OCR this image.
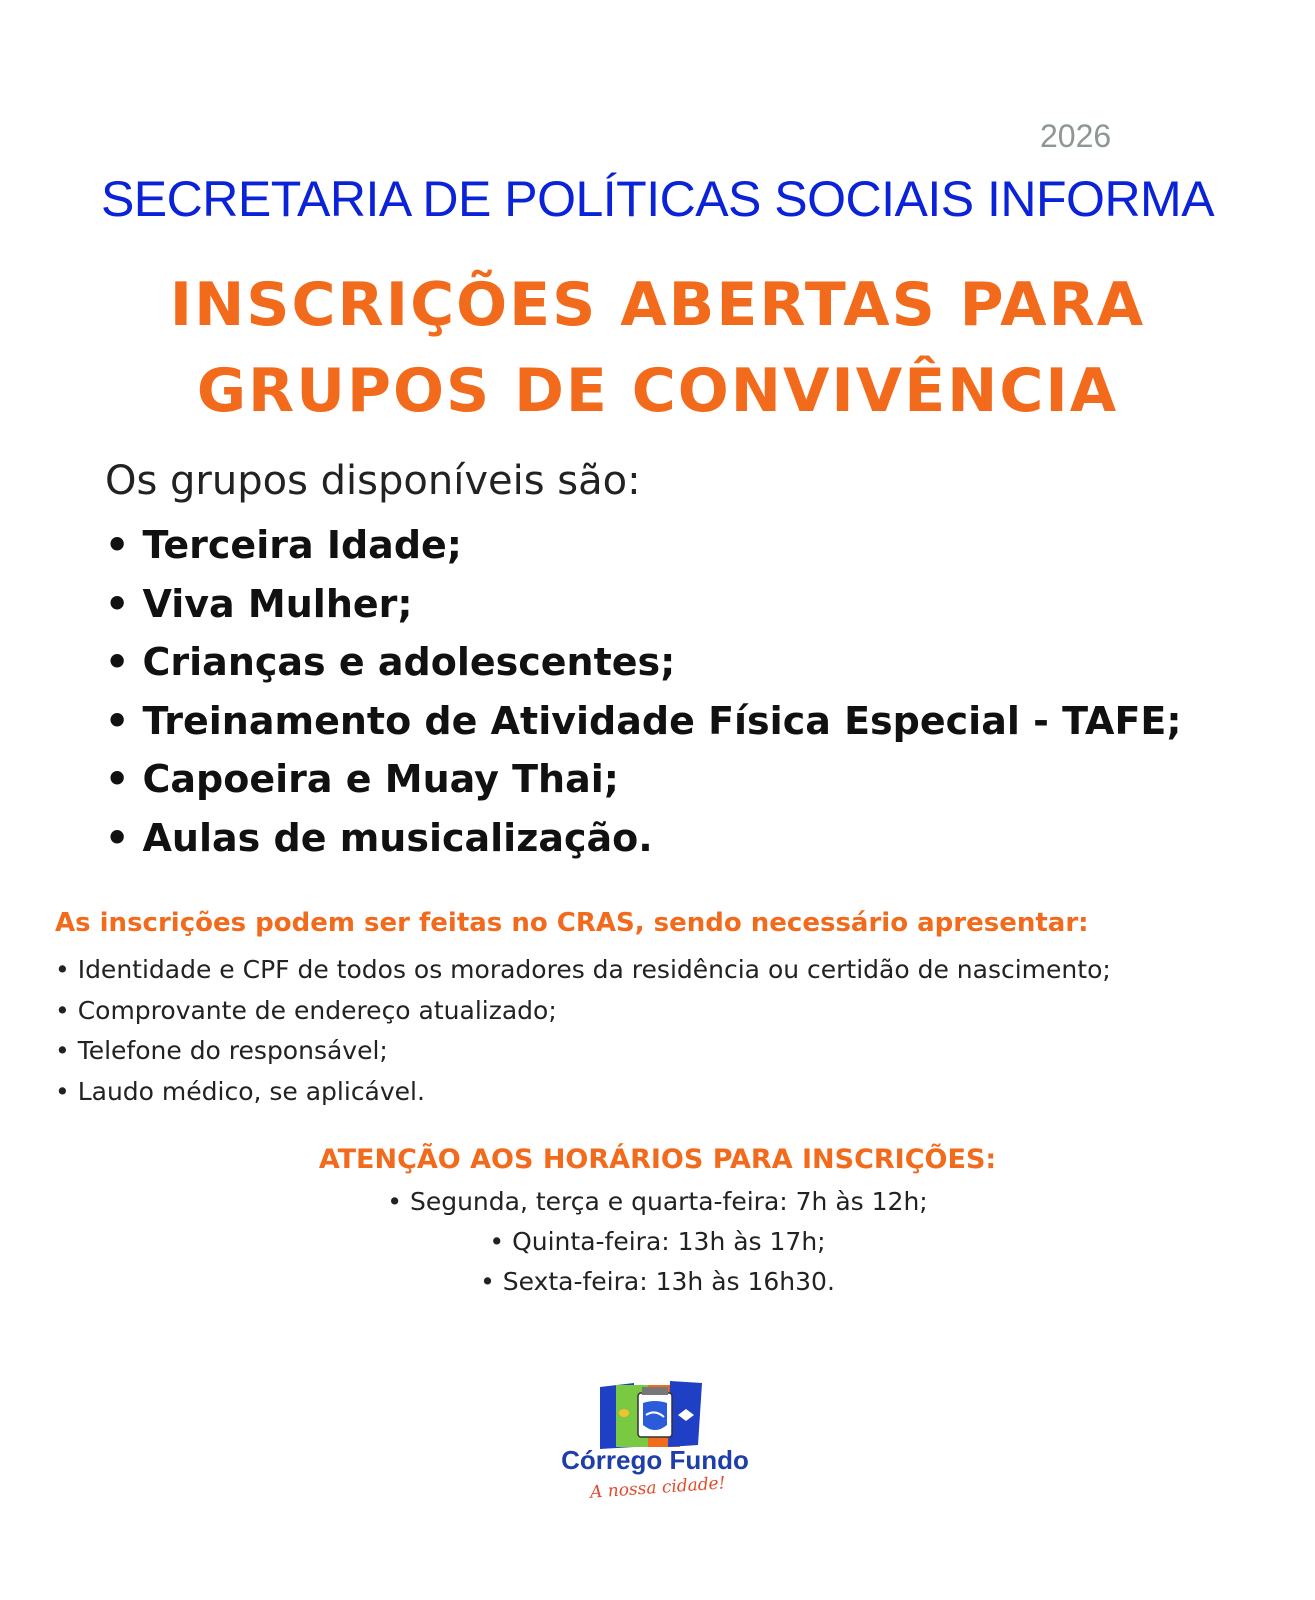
2026
SECRETARIA DE POLÍTICAS SOCIAIS INFORMA
INSCRIÇÕES ABERTAS PARA
GRUPOS DE CONVIVÊNCIA
Os grupos disponíveis são:
• Terceira Idade;
• Viva Mulher;
• Crianças e adolescentes;
• Treinamento de Atividade Física Especial - TAFE;
• Capoeira e Muay Thai;
• Aulas de musicalização.
As inscrições podem ser feitas no CRAS, sendo necessário apresentar:
• Identidade e CPF de todos os moradores da residência ou certidão de nascimento;
• Comprovante de endereço atualizado;
• Telefone do responsável;
• Laudo médico, se aplicável.
ATENÇÃO AOS HORÁRIOS PARA INSCRIÇÕES:
• Segunda, terça e quarta-feira: 7h às 12h;
• Quinta-feira: 13h às 17h;
• Sexta-feira: 13h às 16h30.
Córrego Fundo
A nossa cidade!
